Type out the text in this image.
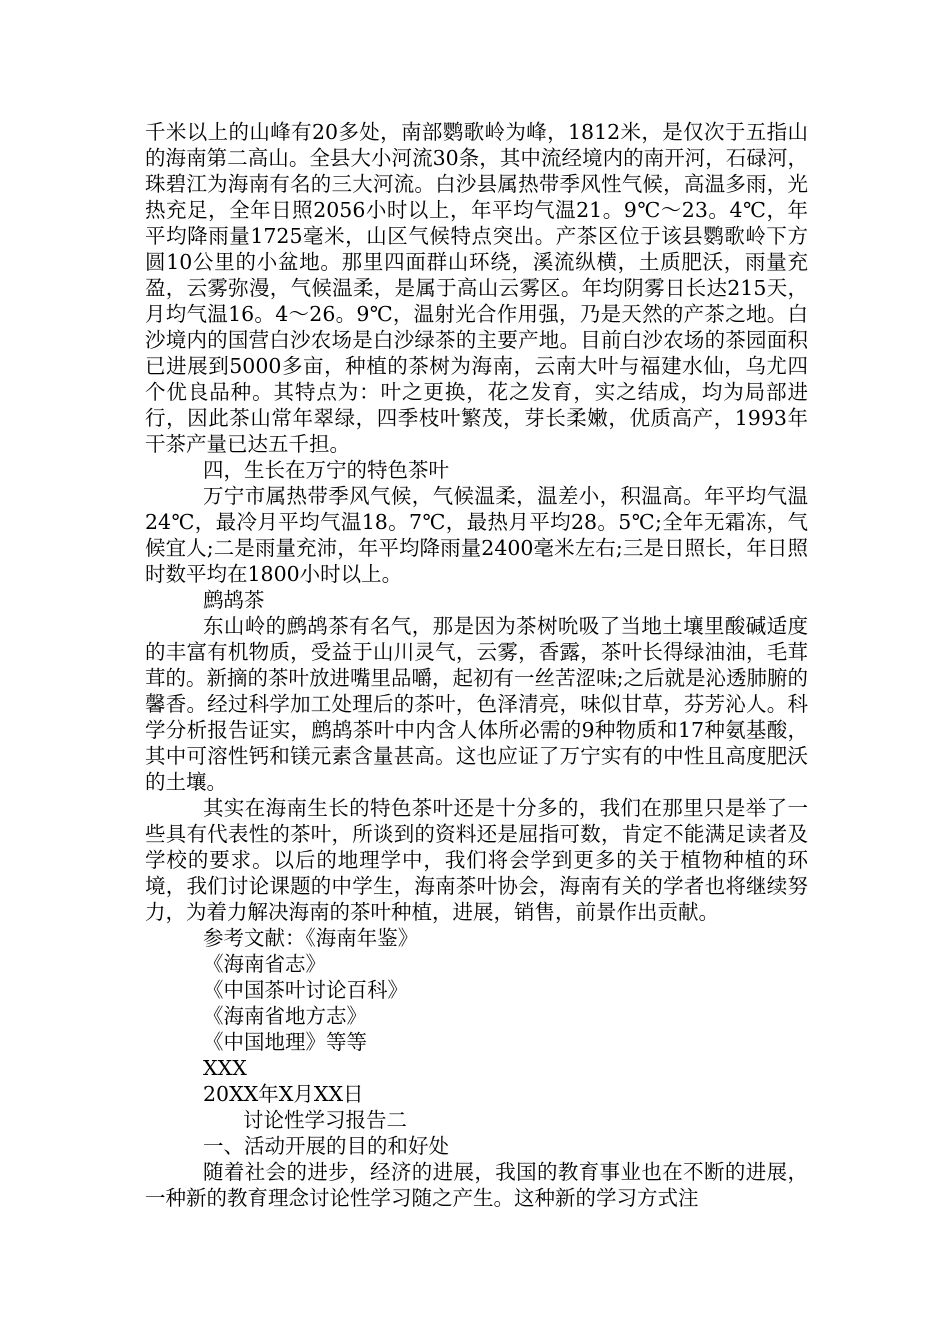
千米以上的山峰有20多处，南部鹦歌岭为峰，1812米，是仅次于五指山的海南第二高山。全县大小河流30条，其中流经境内的南开河，石碌河，珠碧江为海南有名的三大河流。白沙县属热带季风性气候，高温多雨，光热充足，全年日照2056小时以上，年平均气温21。9℃～23。4℃，年平均降雨量1725毫米，山区气候特点突出。产茶区位于该县鹦歌岭下方圆10公里的小盆地。那里四面群山环绕，溪流纵横，土质肥沃，雨量充盈，云雾弥漫，气候温柔，是属于高山云雾区。年均阴雾日长达215天，月均气温16。4～26。9℃，温射光合作用强，乃是天然的产茶之地。白沙境内的国营白沙农场是白沙绿茶的主要产地。目前白沙农场的茶园面积已进展到5000多亩，种植的茶树为海南，云南大叶与福建水仙，乌尤四个优良品种。其特点为：叶之更换，花之发育，实之结成，均为局部进行，因此茶山常年翠绿，四季枝叶繁茂，芽长柔嫩，优质高产，1993年干茶产量已达五千担。

四，生长在万宁的特色茶叶

万宁市属热带季风气候，气候温柔，温差小，积温高。年平均气温24℃，最冷月平均气温18。7℃，最热月平均28。5℃;全年无霜冻，气候宜人;二是雨量充沛，年平均降雨量2400毫米左右;三是日照长，年日照时数平均在1800小时以上。

鹧鸪茶

东山岭的鹧鸪茶有名气，那是因为茶树吮吸了当地土壤里酸碱适度的丰富有机物质，受益于山川灵气，云雾，香露，茶叶长得绿油油，毛茸茸的。新摘的茶叶放进嘴里品嚼，起初有一丝苦涩味;之后就是沁透肺腑的馨香。经过科学加工处理后的茶叶，色泽清亮，味似甘草，芬芳沁人。科学分析报告证实，鹧鸪茶叶中内含人体所必需的9种物质和17种氨基酸，其中可溶性钙和镁元素含量甚高。这也应证了万宁实有的中性且高度肥沃的土壤。

其实在海南生长的特色茶叶还是十分多的，我们在那里只是举了一些具有代表性的茶叶，所谈到的资料还是屈指可数，肯定不能满足读者及学校的要求。以后的地理学中，我们将会学到更多的关于植物种植的环境，我们讨论课题的中学生，海南茶叶协会，海南有关的学者也将继续努力，为着力解决海南的茶叶种植，进展，销售，前景作出贡献。

参考文献：《海南年鉴》

《海南省志》

《中国茶叶讨论百科》

《海南省地方志》

《中国地理》等等

XXX

20XX年X月XX日

讨论性学习报告二

一、活动开展的目的和好处

随着社会的进步，经济的进展，我国的教育事业也在不断的进展，一种新的教育理念讨论性学习随之产生。这种新的学习方式注
